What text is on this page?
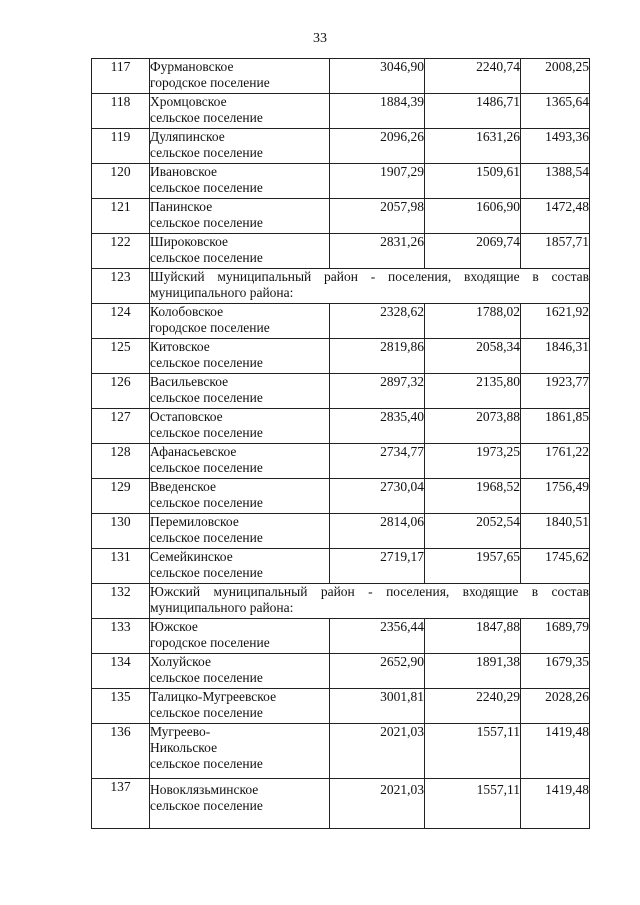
33
117	Фурмановское
городское поселение	3046,90	2240,74	2008,25
118	Хромцовское
сельское поселение	1884,39	1486,71	1365,64
119	Дуляпинское
сельское поселение	2096,26	1631,26	1493,36
120	Ивановское
сельское поселение	1907,29	1509,61	1388,54
121	Панинское
сельское поселение	2057,98	1606,90	1472,48
122	Широковское
сельское поселение	2831,26	2069,74	1857,71
123	Шуйский муниципальный район - поселения, входящие в состав муниципального района:			
124	Колобовское
городское поселение	2328,62	1788,02	1621,92
125	Китовское
сельское поселение	2819,86	2058,34	1846,31
126	Васильевское
сельское поселение	2897,32	2135,80	1923,77
127	Остаповское
сельское поселение	2835,40	2073,88	1861,85
128	Афанасьевское
сельское поселение	2734,77	1973,25	1761,22
129	Введенское
сельское поселение	2730,04	1968,52	1756,49
130	Перемиловское
сельское поселение	2814,06	2052,54	1840,51
131	Семейкинское
сельское поселение	2719,17	1957,65	1745,62
132	Южский муниципальный район - поселения, входящие в состав муниципального района:			
133	Южское
городское поселение	2356,44	1847,88	1689,79
134	Холуйское
сельское поселение	2652,90	1891,38	1679,35
135	Талицко-Мугреевское
сельское поселение	3001,81	2240,29	2028,26
136	Мугреево-
Никольское
сельское поселение	2021,03	1557,11	1419,48
137	Новоклязьминское
сельское поселение	2021,03	1557,11	1419,48
